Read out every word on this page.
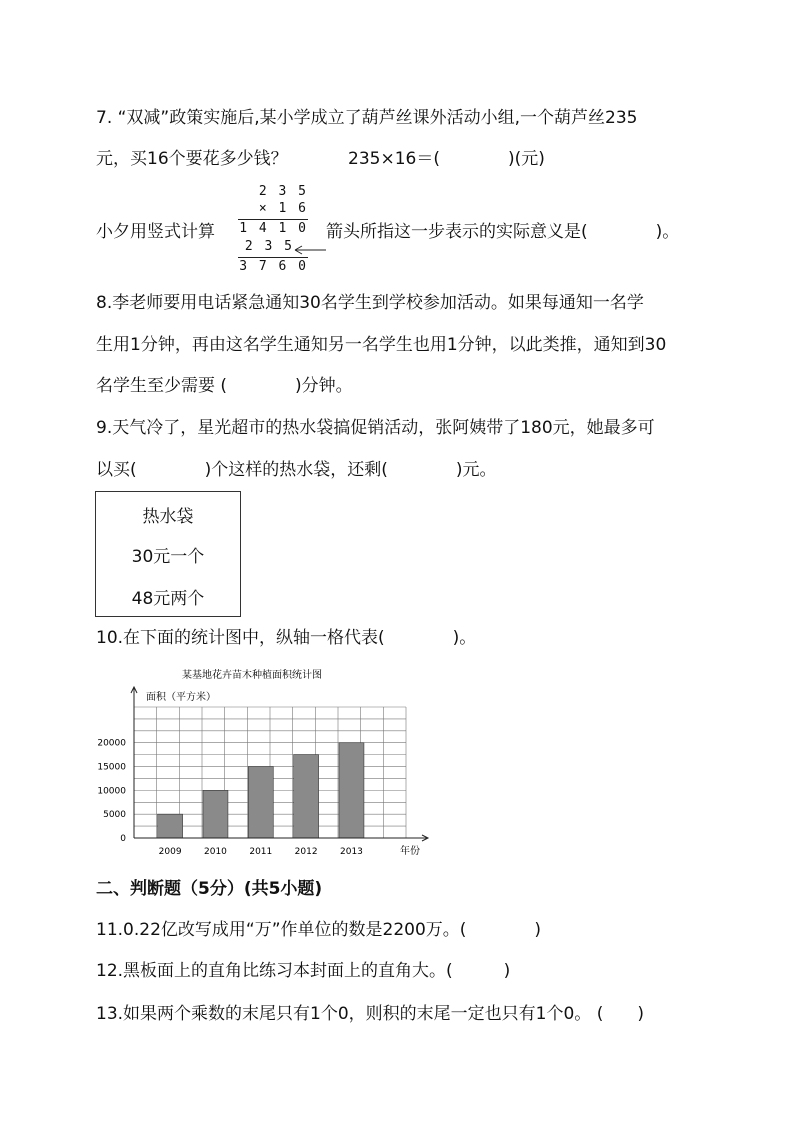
7. “双减”政策实施后,某小学成立了葫芦丝课外活动小组,一个葫芦丝235
元，买16个要花多少钱？	235×16＝(　　　　)(元)
小夕用竖式计算
2 3 5
× 1 6
1 4 1 0
2 3 5
3 7 6 0
箭头所指这一步表示的实际意义是(　　　　)。
8.李老师要用电话紧急通知30名学生到学校参加活动。如果每通知一名学
生用1分钟，再由这名学生通知另一名学生也用1分钟，以此类推，通知到30
名学生至少需要 (　　　　)分钟。
9.天气冷了，星光超市的热水袋搞促销活动，张阿姨带了180元，她最多可
以买(　　　　)个这样的热水袋，还剩(　　　　)元。
热水袋
30元一个
48元两个
10.在下面的统计图中，纵轴一格代表(　　　　)。
某基地花卉苗木种植面积统计图
面积（平方米）
年份
0
5000
10000
15000
20000
2009 2010 2011 2012 2013
二、判断题（5分）(共5小题)
11.0.22亿改写成用“万”作单位的数是2200万。(　　　　)
12.黑板面上的直角比练习本封面上的直角大。(　　　)
13.如果两个乘数的末尾只有1个0，则积的末尾一定也只有1个0。 (　　)
